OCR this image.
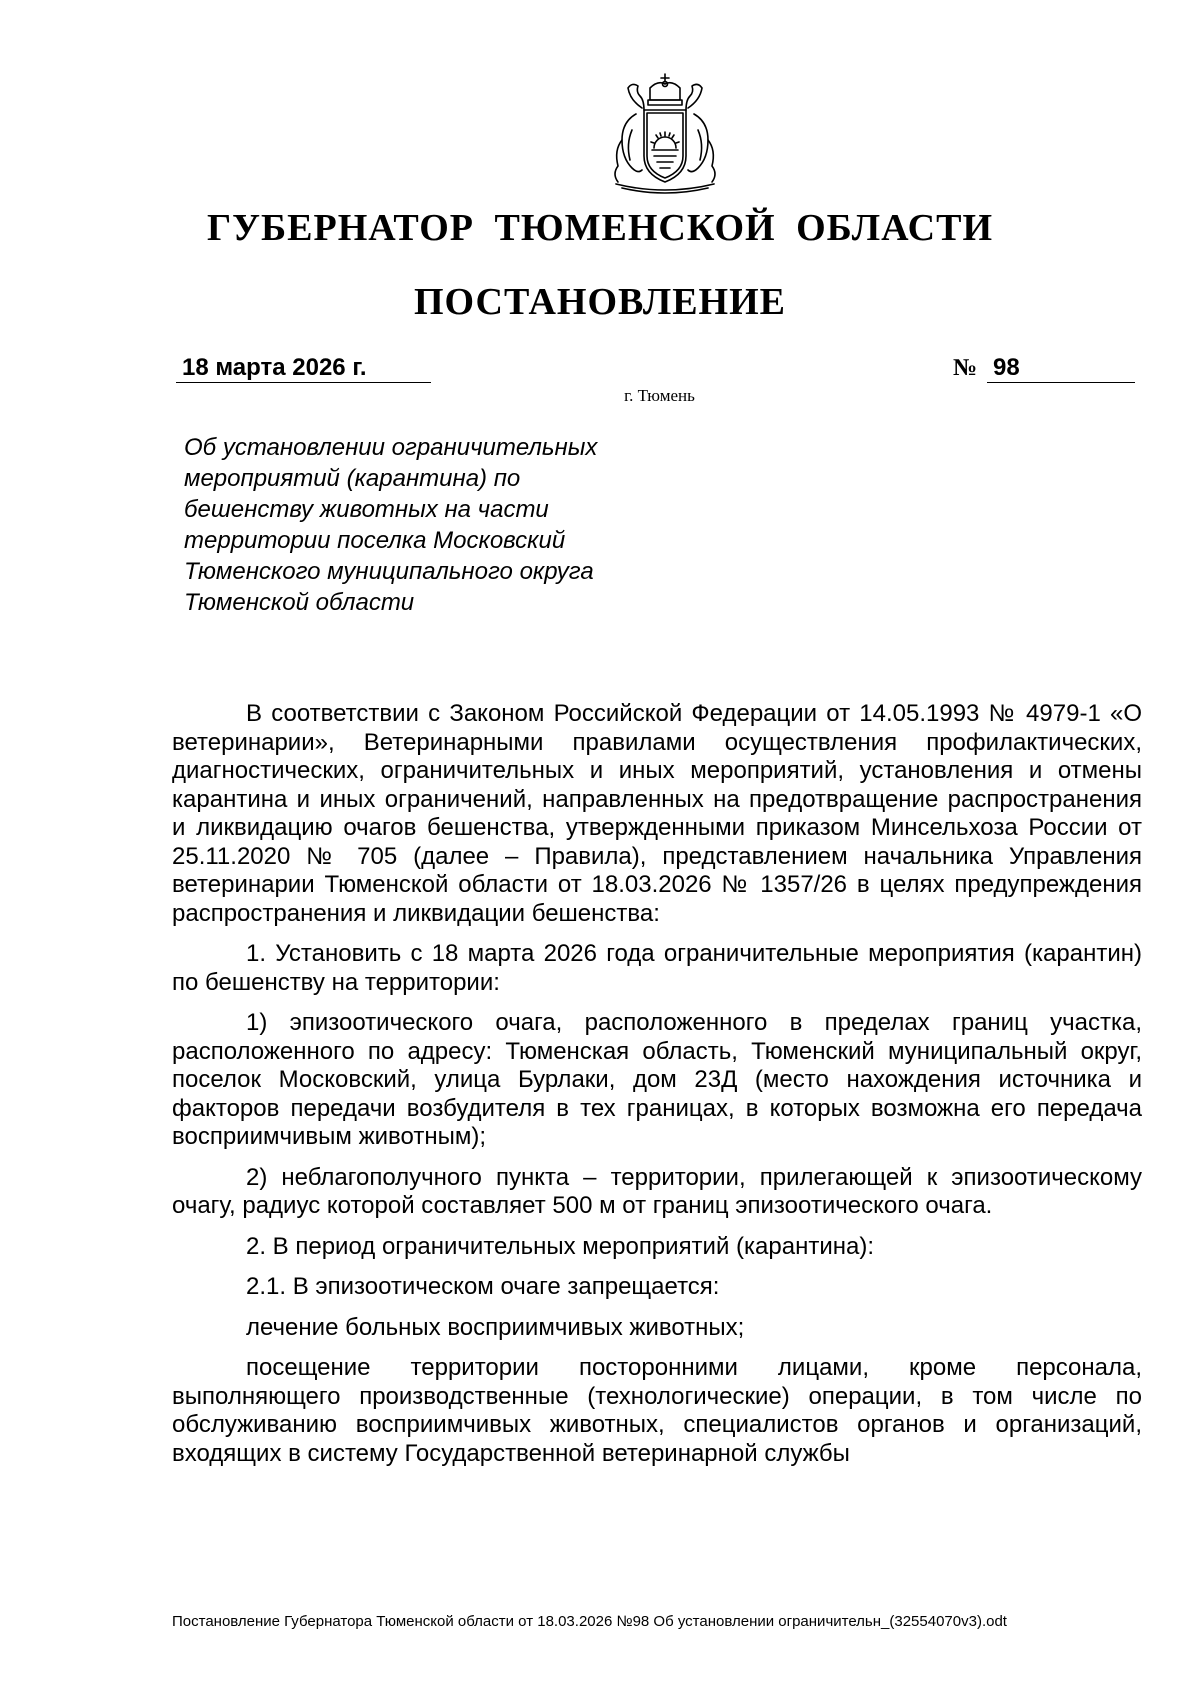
ГУБЕРНАТОР ТЮМЕНСКОЙ ОБЛАСТИ
ПОСТАНОВЛЕНИЕ
18 марта 2026 г.	№ 98
г. Тюмень

Об установлении ограничительных
мероприятий (карантина) по
бешенству животных на части
территории поселка Московский
Тюменского муниципального округа
Тюменской области

В соответствии с Законом Российской Федерации от 14.05.1993 № 4979-1 «О ветеринарии», Ветеринарными правилами осуществления профилактических, диагностических, ограничительных и иных мероприятий, установления и отмены карантина и иных ограничений, направленных на предотвращение распространения и ликвидацию очагов бешенства, утвержденными приказом Минсельхоза России от 25.11.2020 № 705 (далее – Правила), представлением начальника Управления ветеринарии Тюменской области от 18.03.2026 № 1357/26 в целях предупреждения распространения и ликвидации бешенства:

1. Установить с 18 марта 2026 года ограничительные мероприятия (карантин) по бешенству на территории:

1) эпизоотического очага, расположенного в пределах границ участка, расположенного по адресу: Тюменская область, Тюменский муниципальный округ, поселок Московский, улица Бурлаки, дом 23Д (место нахождения источника и факторов передачи возбудителя в тех границах, в которых возможна его передача восприимчивым животным);

2) неблагополучного пункта – территории, прилегающей к эпизоотическому очагу, радиус которой составляет 500 м от границ эпизоотического очага.

2. В период ограничительных мероприятий (карантина):

2.1. В эпизоотическом очаге запрещается:

лечение больных восприимчивых животных;

посещение территории посторонними лицами, кроме персонала, выполняющего производственные (технологические) операции, в том числе по обслуживанию восприимчивых животных, специалистов органов и организаций, входящих в систему Государственной ветеринарной службы

Постановление Губернатора Тюменской области от 18.03.2026 №98 Об установлении ограничительн_(32554070v3).odt
